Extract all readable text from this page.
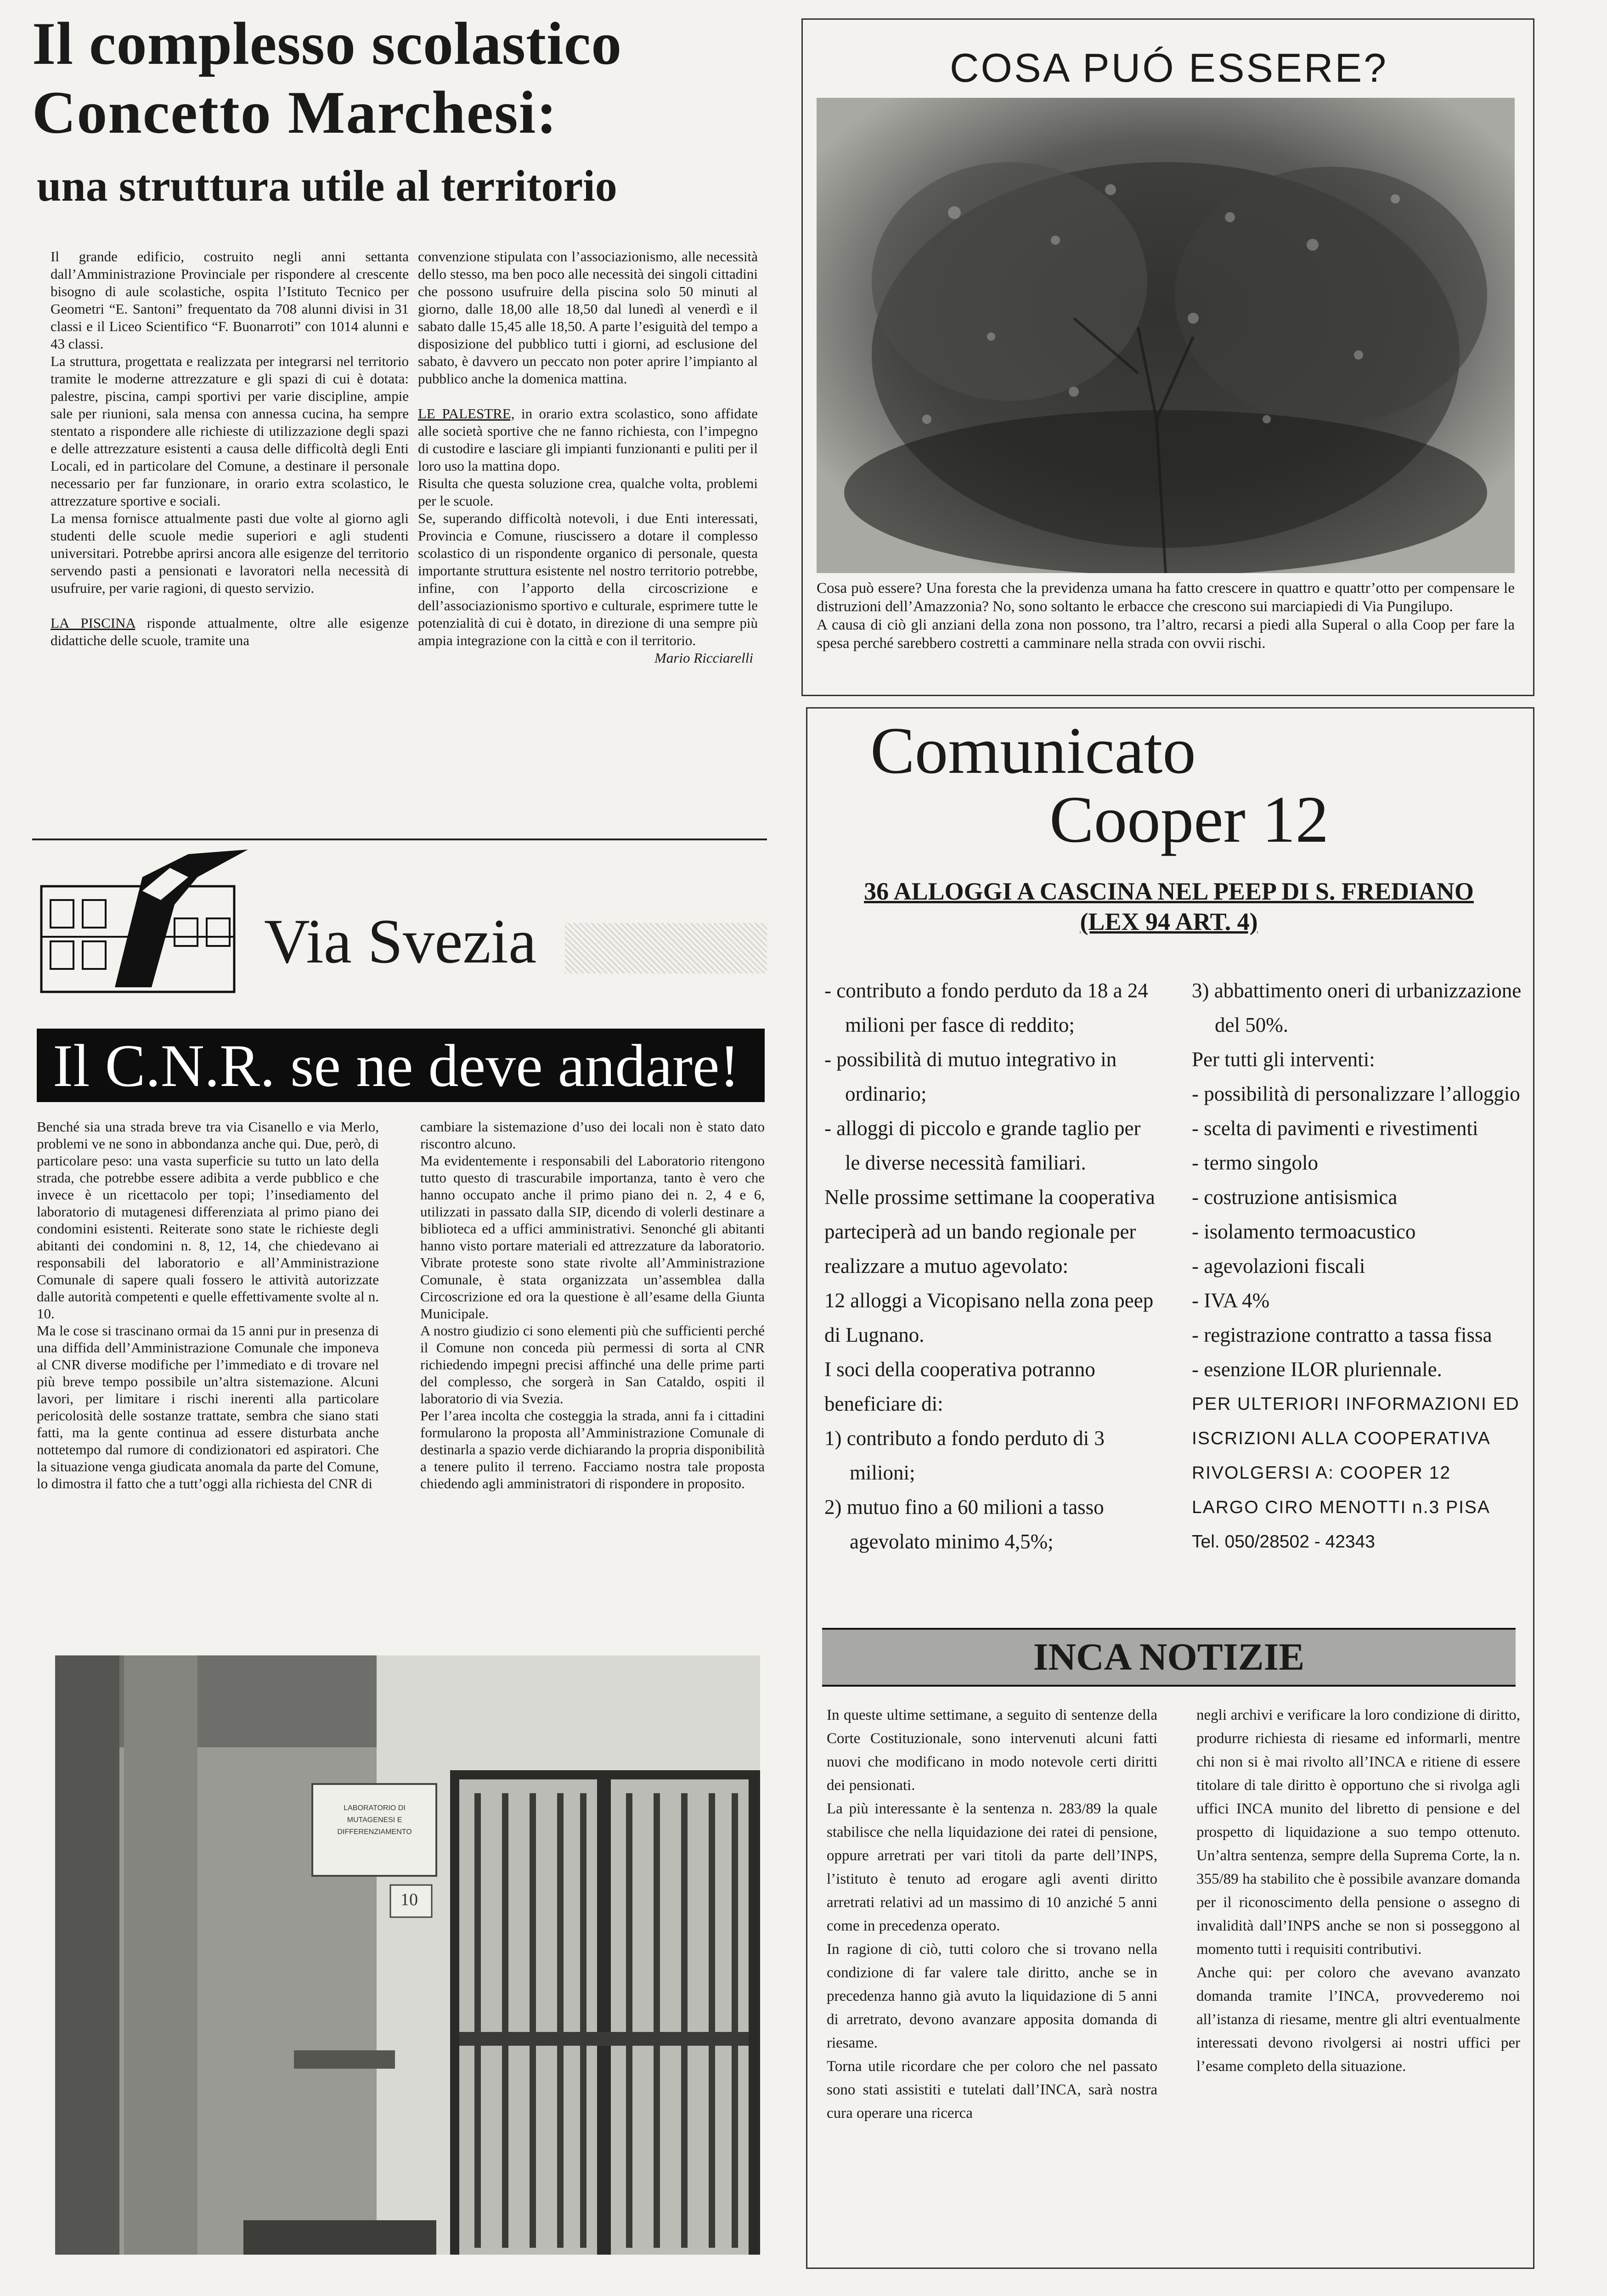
Il complesso scolastico
Concetto Marchesi:
una struttura utile al territorio

Il grande edificio, costruito negli anni settanta dall’Amministrazione Provinciale per rispondere al crescente bisogno di aule scolastiche, ospita l’Istituto Tecnico per Geometri “E. Santoni” frequentato da 708 alunni divisi in 31 classi e il Liceo Scientifico “F. Buonarroti” con 1014 alunni e 43 classi.

La struttura, progettata e realizzata per integrarsi nel territorio tramite le moderne attrezzature e gli spazi di cui è dotata: palestre, piscina, campi sportivi per varie discipline, ampie sale per riunioni, sala mensa con annessa cucina, ha sempre stentato a rispondere alle richieste di utilizzazione degli spazi e delle attrezzature esistenti a causa delle difficoltà degli Enti Locali, ed in particolare del Comune, a destinare il personale necessario per far funzionare, in orario extra scolastico, le attrezzature sportive e sociali.

La mensa fornisce attualmente pasti due volte al giorno agli studenti delle scuole medie superiori e agli studenti universitari. Potrebbe aprirsi ancora alle esigenze del territorio servendo pasti a pensionati e lavoratori nella necessità di usufruire, per varie ragioni, di questo servizio.

LA PISCINA risponde attualmente, oltre alle esigenze didattiche delle scuole, tramite una

convenzione stipulata con l’associazionismo, alle necessità dello stesso, ma ben poco alle necessità dei singoli cittadini che possono usufruire della piscina solo 50 minuti al giorno, dalle 18,00 alle 18,50 dal lunedì al venerdì e il sabato dalle 15,45 alle 18,50. A parte l’esiguità del tempo a disposizione del pubblico tutti i giorni, ad esclusione del sabato, è davvero un peccato non poter aprire l’impianto al pubblico anche la domenica mattina.

LE PALESTRE, in orario extra scolastico, sono affidate alle società sportive che ne fanno richiesta, con l’impegno di custodire e lasciare gli impianti funzionanti e puliti per il loro uso la mattina dopo.

Risulta che questa soluzione crea, qualche volta, problemi per le scuole.

Se, superando difficoltà notevoli, i due Enti interessati, Provincia e Comune, riuscissero a dotare il complesso scolastico di un rispondente organico di personale, questa importante struttura esistente nel nostro territorio potrebbe, infine, con l’apporto della circoscrizione e dell’associazionismo sportivo e culturale, esprimere tutte le potenzialità di cui è dotato, in direzione di una sempre più ampia integrazione con la città e con il territorio.

Mario Ricciarelli

COSA PUÓ ESSERE?
Cosa può essere? Una foresta che la previdenza umana ha fatto crescere in quattro e quattr’otto per compensare le distruzioni dell’Amazzonia? No, sono soltanto le erbacce che crescono sui marciapiedi di Via Pungilupo.
A causa di ciò gli anziani della zona non possono, tra l’altro, recarsi a piedi alla Superal o alla Coop per fare la spesa perché sarebbero costretti a camminare nella strada con ovvii rischi.
Via Svezia
Il C.N.R. se ne deve andare!

Benché sia una strada breve tra via Cisanello e via Merlo, problemi ve ne sono in abbondanza anche qui. Due, però, di particolare peso: una vasta superficie su tutto un lato della strada, che potrebbe essere adibita a verde pubblico e che invece è un ricettacolo per topi; l’insediamento del laboratorio di mutagenesi differenziata al primo piano dei condomini esistenti. Reiterate sono state le richieste degli abitanti dei condomini n. 8, 12, 14, che chiedevano ai responsabili del laboratorio e all’Amministrazione Comunale di sapere quali fossero le attività autorizzate dalle autorità competenti e quelle effettivamente svolte al n. 10.

Ma le cose si trascinano ormai da 15 anni pur in presenza di una diffida dell’Amministrazione Comunale che imponeva al CNR diverse modifiche per l’immediato e di trovare nel più breve tempo possibile un’altra sistemazione. Alcuni lavori, per limitare i rischi inerenti alla particolare pericolosità delle sostanze trattate, sembra che siano stati fatti, ma la gente continua ad essere disturbata anche nottetempo dal rumore di condizionatori ed aspiratori. Che la situazione venga giudicata anomala da parte del Comune, lo dimostra il fatto che a tutt’oggi alla richiesta del CNR di

cambiare la sistemazione d’uso dei locali non è stato dato riscontro alcuno.

Ma evidentemente i responsabili del Laboratorio ritengono tutto questo di trascurabile importanza, tanto è vero che hanno occupato anche il primo piano dei n. 2, 4 e 6, utilizzati in passato dalla SIP, dicendo di volerli destinare a biblioteca ed a uffici amministrativi. Senonché gli abitanti hanno visto portare materiali ed attrezzature da laboratorio. Vibrate proteste sono state rivolte all’Amministrazione Comunale, è stata organizzata un’assemblea dalla Circoscrizione ed ora la questione è all’esame della Giunta Municipale.

A nostro giudizio ci sono elementi più che sufficienti perché il Comune non conceda più permessi di sorta al CNR richiedendo impegni precisi affinché una delle prime parti del complesso, che sorgerà in San Cataldo, ospiti il laboratorio di via Svezia.

Per l’area incolta che costeggia la strada, anni fa i cittadini formularono la proposta all’Amministrazione Comunale di destinarla a spazio verde dichiarando la propria disponibilità a tenere pulito il terreno. Facciamo nostra tale proposta chiedendo agli amministratori di rispondere in proposito.

LABORATORIO DI
MUTAGENESI E DIFFERENZIAMENTO
10
Comunicato
Cooper 12
36 ALLOGGI A CASCINA NEL PEEP DI S. FREDIANO
(LEX 94 ART. 4)
- contributo a fondo perduto da 18 a 24 milioni per fasce di reddito;
- possibilità di mutuo integrativo in ordinario;
- alloggi di piccolo e grande taglio per le diverse necessità familiari.
Nelle prossime settimane la cooperativa parteciperà ad un bando regionale per realizzare a mutuo agevolato:
12 alloggi a Vicopisano nella zona peep di Lugnano.
I soci della cooperativa potranno beneficiare di:
1) contributo a fondo perduto di 3 milioni;
2) mutuo fino a 60 milioni a tasso agevolato minimo 4,5%;
3) abbattimento oneri di urbanizzazione del 50%.
Per tutti gli interventi:
- possibilità di personalizzare l’alloggio
- scelta di pavimenti e rivestimenti
- termo singolo
- costruzione antisismica
- isolamento termoacustico
- agevolazioni fiscali
- IVA 4%
- registrazione contratto a tassa fissa
- esenzione ILOR pluriennale.
PER ULTERIORI INFORMAZIONI ED ISCRIZIONI ALLA COOPERATIVA RIVOLGERSI A: COOPER 12 LARGO CIRO MENOTTI n.3 PISA
Tel. 050/28502 - 42343
INCA NOTIZIE

In queste ultime settimane, a seguito di sentenze della Corte Costituzionale, sono intervenuti alcuni fatti nuovi che modificano in modo notevole certi diritti dei pensionati.

La più interessante è la sentenza n. 283/89 la quale stabilisce che nella liquidazione dei ratei di pensione, oppure arretrati per vari titoli da parte dell’INPS, l’istituto è tenuto ad erogare agli aventi diritto arretrati relativi ad un massimo di 10 anziché 5 anni come in precedenza operato.

In ragione di ciò, tutti coloro che si trovano nella condizione di far valere tale diritto, anche se in precedenza hanno già avuto la liquidazione di 5 anni di arretrato, devono avanzare apposita domanda di riesame.

Torna utile ricordare che per coloro che nel passato sono stati assistiti e tutelati dall’INCA, sarà nostra cura operare una ricerca

negli archivi e verificare la loro condizione di diritto, produrre richiesta di riesame ed informarli, mentre chi non si è mai rivolto all’INCA e ritiene di essere titolare di tale diritto è opportuno che si rivolga agli uffici INCA munito del libretto di pensione e del prospetto di liquidazione a suo tempo ottenuto. Un’altra sentenza, sempre della Suprema Corte, la n. 355/89 ha stabilito che è possibile avanzare domanda per il riconoscimento della pensione o assegno di invalidità dall’INPS anche se non si posseggono al momento tutti i requisiti contributivi.

Anche qui: per coloro che avevano avanzato domanda tramite l’INCA, provvederemo noi all’istanza di riesame, mentre gli altri eventualmente interessati devono rivolgersi ai nostri uffici per l’esame completo della situazione.
